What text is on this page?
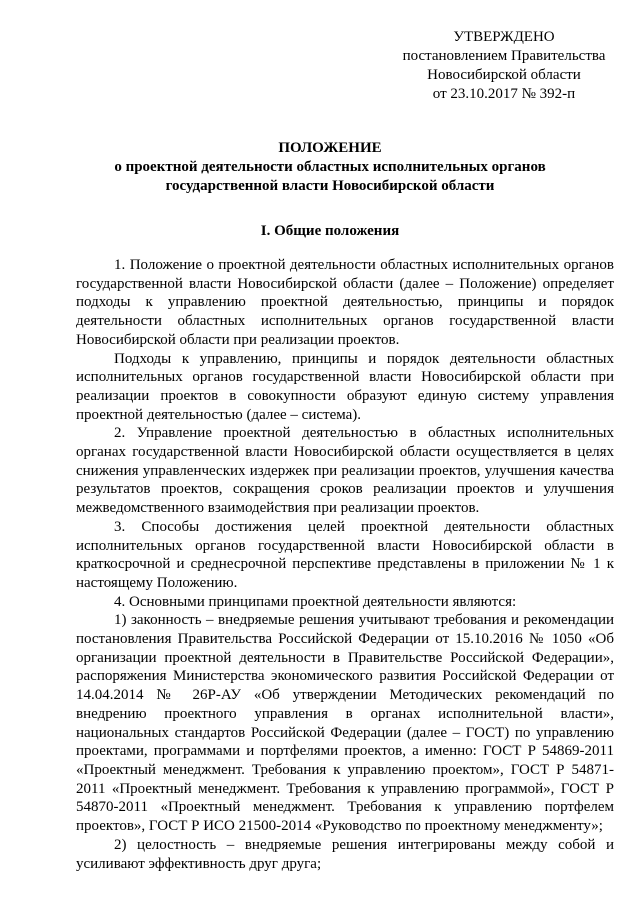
УТВЕРЖДЕНО
постановлением Правительства
Новосибирской области
от 23.10.2017 № 392-п
ПОЛОЖЕНИЕ
о проектной деятельности областных исполнительных органов
государственной власти Новосибирской области
I. Общие положения

1. Положение о проектной деятельности областных исполнительных органов государственной власти Новосибирской области (далее – Положение) определяет подходы к управлению проектной деятельностью, принципы и порядок деятельности областных исполнительных органов государственной власти Новосибирской области при реализации проектов.

Подходы к управлению, принципы и порядок деятельности областных исполнительных органов государственной власти Новосибирской области при реализации проектов в совокупности образуют единую систему управления проектной деятельностью (далее – система).

2. Управление проектной деятельностью в областных исполнительных органах государственной власти Новосибирской области осуществляется в целях снижения управленческих издержек при реализации проектов, улучшения качества результатов проектов, сокращения сроков реализации проектов и улучшения межведомственного взаимодействия при реализации проектов.

3. Способы достижения целей проектной деятельности областных исполнительных органов государственной власти Новосибирской области в краткосрочной и среднесрочной перспективе представлены в приложении № 1 к настоящему Положению.

4. Основными принципами проектной деятельности являются:

1) законность – внедряемые решения учитывают требования и рекомендации постановления Правительства Российской Федерации от 15.10.2016 № 1050 «Об организации проектной деятельности в Правительстве Российской Федерации», распоряжения Министерства экономического развития Российской Федерации от 14.04.2014 № 26Р-АУ «Об утверждении Методических рекомендаций по внедрению проектного управления в органах исполнительной власти», национальных стандартов Российской Федерации (далее – ГОСТ) по управлению проектами, программами и портфелями проектов, а именно: ГОСТ Р 54869-2011 «Проектный менеджмент. Требования к управлению проектом», ГОСТ Р 54871-2011 «Проектный менеджмент. Требования к управлению программой», ГОСТ Р 54870-2011 «Проектный менеджмент. Требования к управлению портфелем проектов», ГОСТ Р ИСО 21500-2014 «Руководство по проектному менеджменту»;

2) целостность – внедряемые решения интегрированы между собой и усиливают эффективность друг друга;
